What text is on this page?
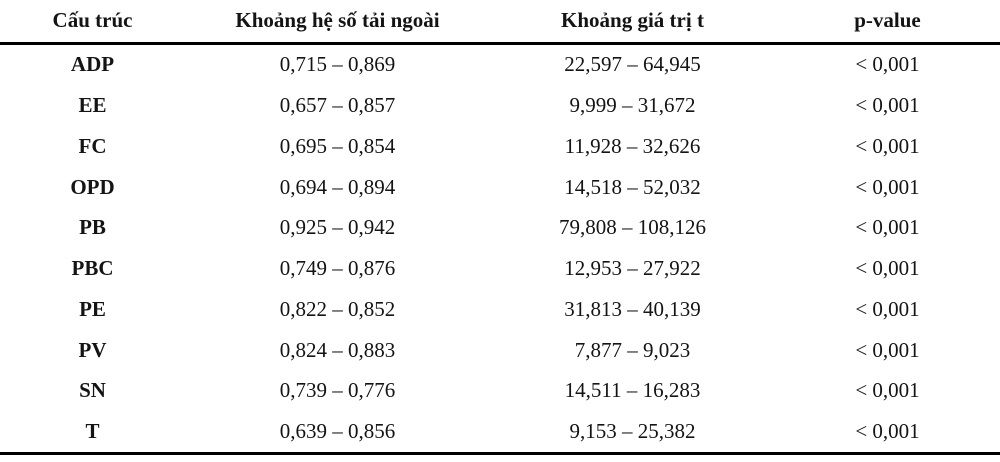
Cấu trúc	Khoảng hệ số tải ngoài	Khoảng giá trị t	p-value
ADP	0,715 – 0,869	22,597 – 64,945	< 0,001
EE	0,657 – 0,857	9,999 – 31,672	< 0,001
FC	0,695 – 0,854	11,928 – 32,626	< 0,001
OPD	0,694 – 0,894	14,518 – 52,032	< 0,001
PB	0,925 – 0,942	79,808 – 108,126	< 0,001
PBC	0,749 – 0,876	12,953 – 27,922	< 0,001
PE	0,822 – 0,852	31,813 – 40,139	< 0,001
PV	0,824 – 0,883	7,877 – 9,023	< 0,001
SN	0,739 – 0,776	14,511 – 16,283	< 0,001
T	0,639 – 0,856	9,153 – 25,382	< 0,001
